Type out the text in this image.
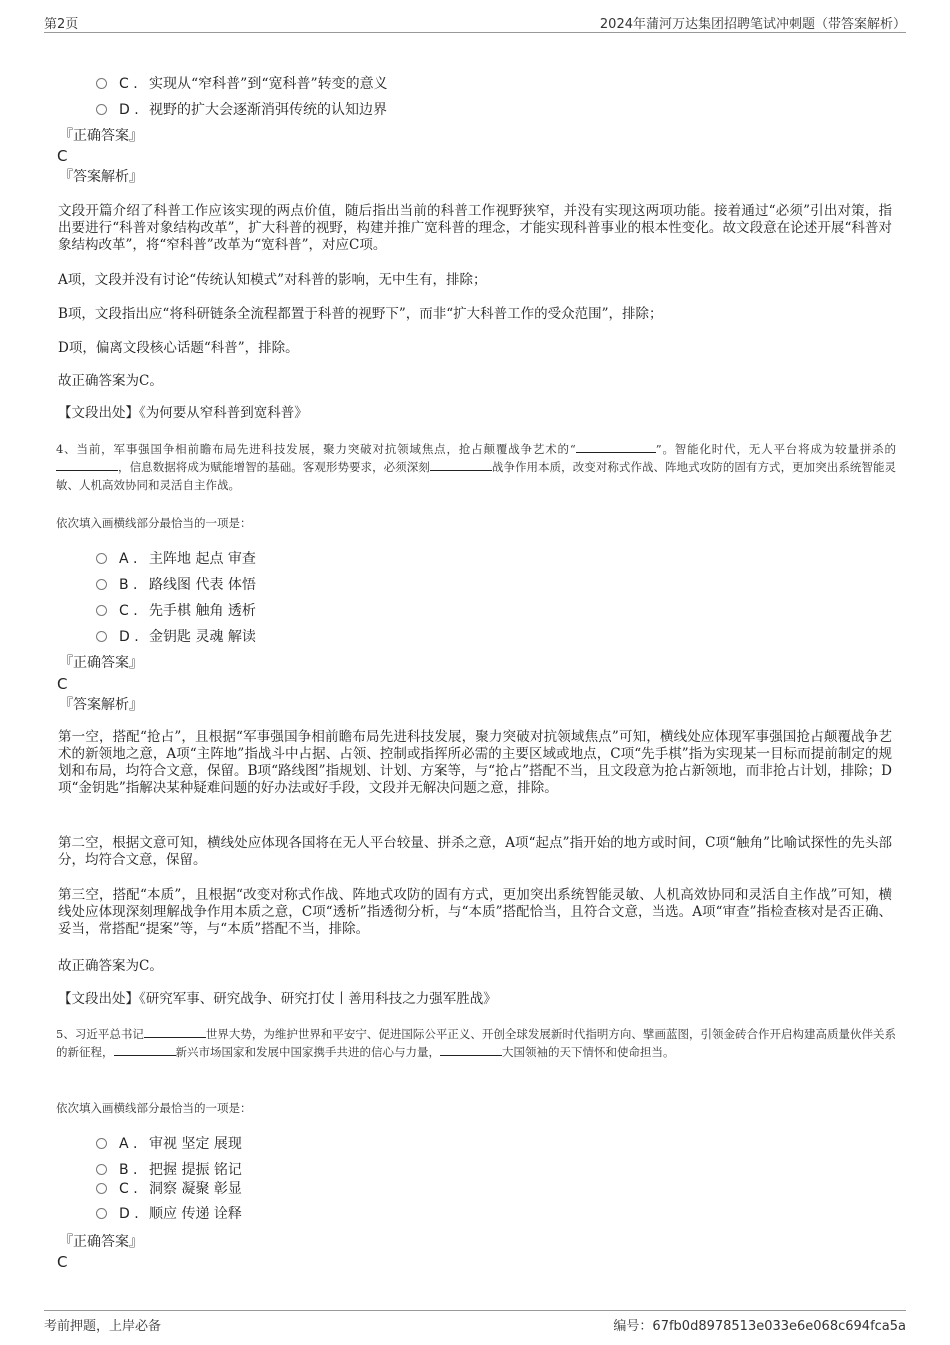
第2页	2024年蒲河万达集团招聘笔试冲刺题（带答案解析）
C . 实现从“窄科普”到“宽科普”转变的意义
D . 视野的扩大会逐渐消弭传统的认知边界
『正确答案』
C
『答案解析』
文段开篇介绍了科普工作应该实现的两点价值，随后指出当前的科普工作视野狭窄，并没有实现这两项功能。接着通过“必须”引出对策，指出要进行“科普对象结构改革”，扩大科普的视野，构建并推广宽科普的理念，才能实现科普事业的根本性变化。故文段意在论述开展“科普对象结构改革”，将“窄科普”改革为“宽科普”，对应C项。
A项，文段并没有讨论“传统认知模式”对科普的影响，无中生有，排除；
B项，文段指出应“将科研链条全流程都置于科普的视野下”，而非“扩大科普工作的受众范围”，排除；
D项，偏离文段核心话题“科普”，排除。
故正确答案为C。
【文段出处】《为何要从窄科普到宽科普》
4、当前，军事强国争相前瞻布局先进科技发展，聚力突破对抗领域焦点，抢占颠覆战争艺术的“	”。智能化时代，无人平台将成为较量拼杀的，信息数据将成为赋能增智的基础。客观形势要求，必须深刻	战争作用本质，改变对称式作战、阵地式攻防的固有方式，更加突出系统智能灵敏、人机高效协同和灵活自主作战。
依次填入画横线部分最恰当的一项是：
A . 主阵地 起点 审查
B . 路线图 代表 体悟
C . 先手棋 触角 透析
D . 金钥匙 灵魂 解读
『正确答案』
C
『答案解析』
第一空，搭配“抢占”，且根据“军事强国争相前瞻布局先进科技发展，聚力突破对抗领域焦点”可知，横线处应体现军事强国抢占颠覆战争艺术的新领地之意，A项“主阵地”指战斗中占据、占领、控制或指挥所必需的主要区域或地点，C项“先手棋”指为实现某一目标而提前制定的规划和布局，均符合文意，保留。B项“路线图”指规划、计划、方案等，与“抢占”搭配不当，且文段意为抢占新领地，而非抢占计划，排除；D项“金钥匙”指解决某种疑难问题的好办法或好手段，文段并无解决问题之意，排除。
第二空，根据文意可知，横线处应体现各国将在无人平台较量、拼杀之意，A项“起点”指开始的地方或时间，C项“触角”比喻试探性的先头部分，均符合文意，保留。
第三空，搭配“本质”，且根据“改变对称式作战、阵地式攻防的固有方式，更加突出系统智能灵敏、人机高效协同和灵活自主作战”可知，横线处应体现深刻理解战争作用本质之意，C项“透析”指透彻分析，与“本质”搭配恰当，且符合文意，当选。A项“审查”指检查核对是否正确、妥当，常搭配“提案”等，与“本质”搭配不当，排除。
故正确答案为C。
【文段出处】《研究军事、研究战争、研究打仗丨善用科技之力强军胜战》
5、习近平总书记	世界大势，为维护世界和平安宁、促进国际公平正义、开创全球发展新时代指明方向、擘画蓝图，引领金砖合作开启构建高质量伙伴关系的新征程，	新兴市场国家和发展中国家携手共进的信心与力量，	大国领袖的天下情怀和使命担当。
依次填入画横线部分最恰当的一项是：
A . 审视 坚定 展现
B . 把握 提振 铭记
C . 洞察 凝聚 彰显
D . 顺应 传递 诠释
『正确答案』
C
考前押题，上岸必备	编号：67fb0d8978513e033e6e068c694fca5a
